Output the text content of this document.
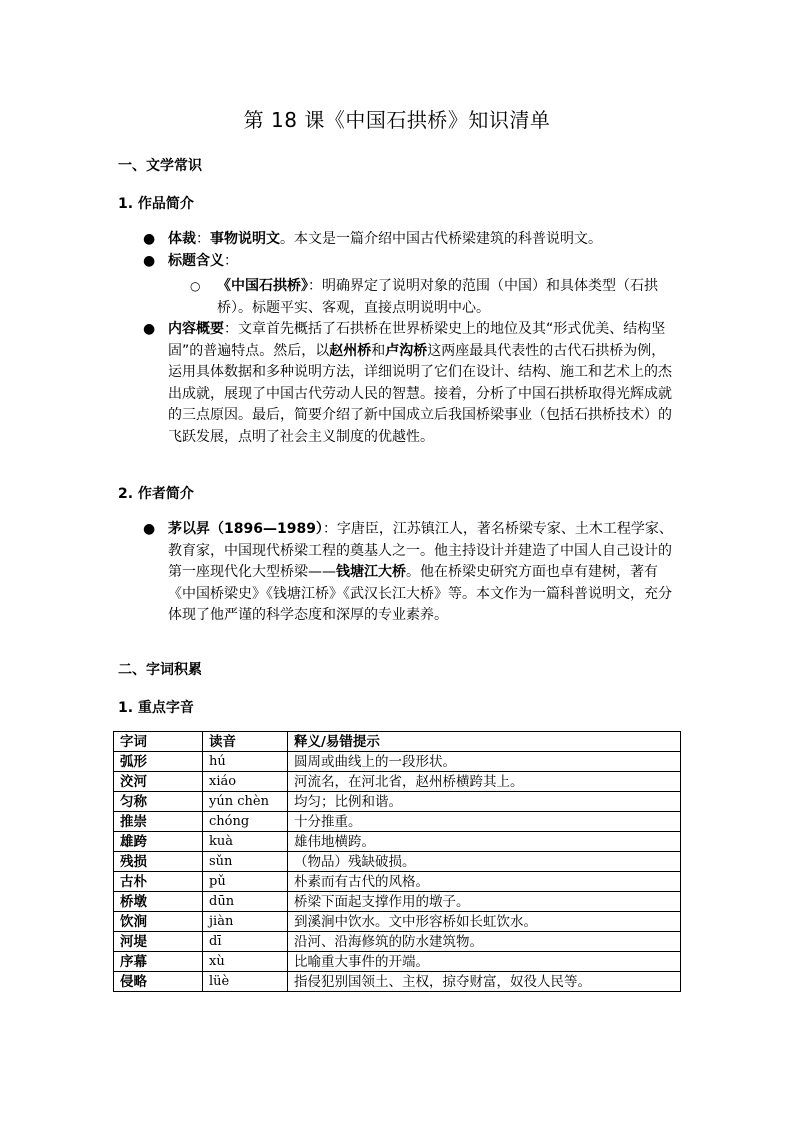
第 18 课《中国石拱桥》知识清单
一、文学常识
1. 作品简介
● 体裁：事物说明文。本文是一篇介绍中国古代桥梁建筑的科普说明文。
● 标题含义：
○ 《中国石拱桥》：明确界定了说明对象的范围（中国）和具体类型（石拱桥）。标题平实、客观，直接点明说明中心。
● 内容概要：文章首先概括了石拱桥在世界桥梁史上的地位及其“形式优美、结构坚固”的普遍特点。然后，以赵州桥和卢沟桥这两座最具代表性的古代石拱桥为例，运用具体数据和多种说明方法，详细说明了它们在设计、结构、施工和艺术上的杰出成就，展现了中国古代劳动人民的智慧。接着，分析了中国石拱桥取得光辉成就的三点原因。最后，简要介绍了新中国成立后我国桥梁事业（包括石拱桥技术）的飞跃发展，点明了社会主义制度的优越性。
2. 作者简介
● 茅以昇（1896—1989）：字唐臣，江苏镇江人，著名桥梁专家、土木工程学家、教育家，中国现代桥梁工程的奠基人之一。他主持设计并建造了中国人自己设计的第一座现代化大型桥梁——钱塘江大桥。他在桥梁史研究方面也卓有建树，著有《中国桥梁史》《钱塘江桥》《武汉长江大桥》等。本文作为一篇科普说明文，充分体现了他严谨的科学态度和深厚的专业素养。
二、字词积累
1. 重点字音
字词	读音	释义/易错提示
弧形	hú	圆周或曲线上的一段形状。
洨河	xiáo	河流名，在河北省，赵州桥横跨其上。
匀称	yún chèn	均匀；比例和谐。
推崇	chóng	十分推重。
雄跨	kuà	雄伟地横跨。
残损	sǔn	（物品）残缺破损。
古朴	pǔ	朴素而有古代的风格。
桥墩	dūn	桥梁下面起支撑作用的墩子。
饮涧	jiàn	到溪涧中饮水。文中形容桥如长虹饮水。
河堤	dī	沿河、沿海修筑的防水建筑物。
序幕	xù	比喻重大事件的开端。
侵略	lüè	指侵犯别国领土、主权，掠夺财富，奴役人民等。
